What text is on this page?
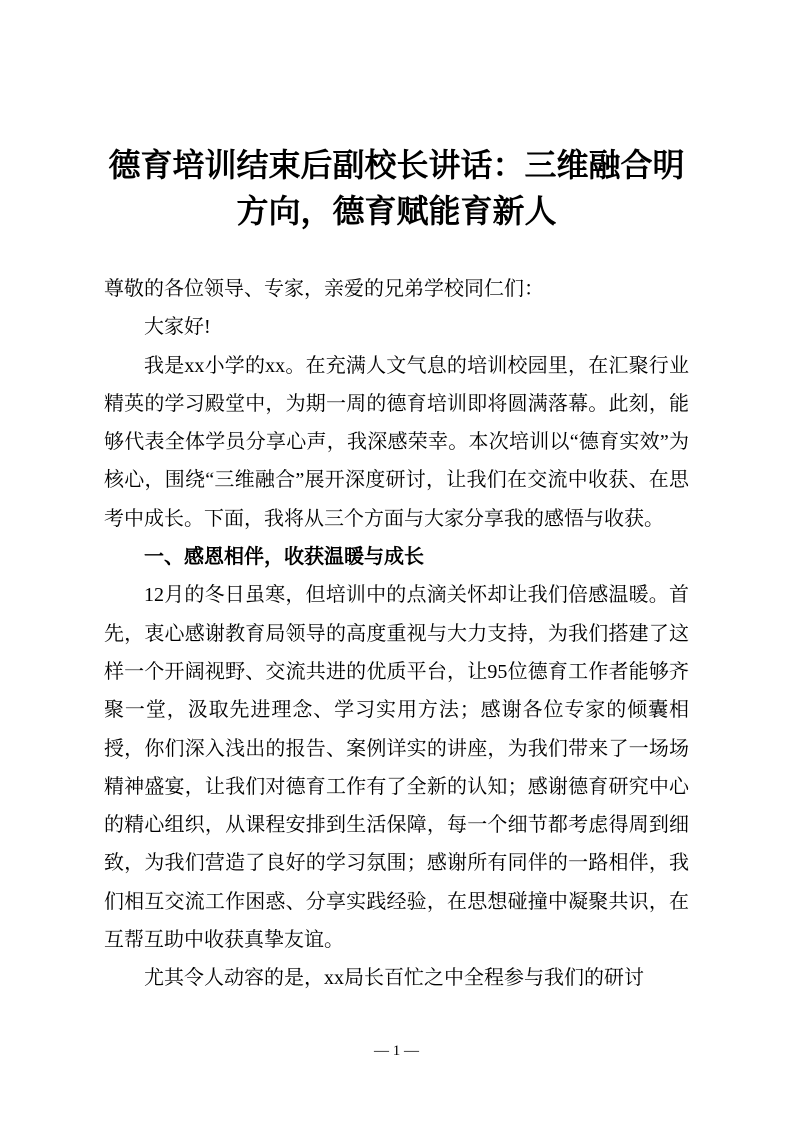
德育培训结束后副校长讲话：三维融合明方向，德育赋能育新人

尊敬的各位领导、专家，亲爱的兄弟学校同仁们：

大家好!

我是xx小学的xx。在充满人文气息的培训校园里，在汇聚行业精英的学习殿堂中，为期一周的德育培训即将圆满落幕。此刻，能够代表全体学员分享心声，我深感荣幸。本次培训以“德育实效”为核心，围绕“三维融合”展开深度研讨，让我们在交流中收获、在思考中成长。下面，我将从三个方面与大家分享我的感悟与收获。

一、感恩相伴，收获温暖与成长

12月的冬日虽寒，但培训中的点滴关怀却让我们倍感温暖。首先，衷心感谢教育局领导的高度重视与大力支持，为我们搭建了这样一个开阔视野、交流共进的优质平台，让95位德育工作者能够齐聚一堂，汲取先进理念、学习实用方法；感谢各位专家的倾囊相授，你们深入浅出的报告、案例详实的讲座，为我们带来了一场场精神盛宴，让我们对德育工作有了全新的认知；感谢德育研究中心的精心组织，从课程安排到生活保障，每一个细节都考虑得周到细致，为我们营造了良好的学习氛围；感谢所有同伴的一路相伴，我们相互交流工作困惑、分享实践经验，在思想碰撞中凝聚共识，在互帮互助中收获真挚友谊。

尤其令人动容的是，xx局长百忙之中全程参与我们的研讨

— 1 —
